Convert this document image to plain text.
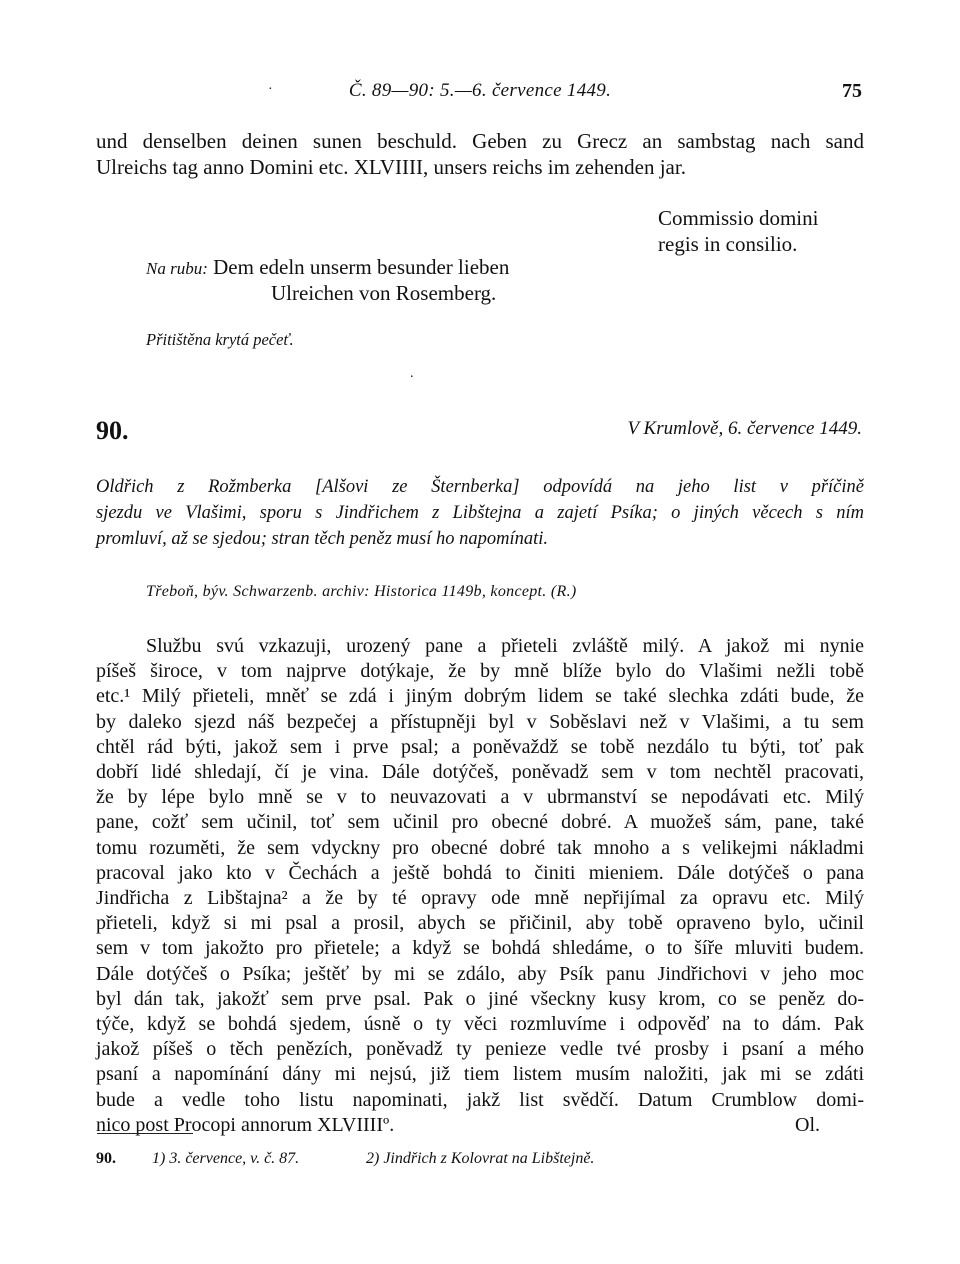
·	Č. 89—90: 5.—6. července 1449.	75
und denselben deinen sunen beschuld. Geben zu Grecz an sambstag nach sand
Ulreichs tag anno Domini etc. XLVIIII, unsers reichs im zehenden jar.
Commissio domini
regis in consilio.
Na rubu: Dem edeln unserm besunder lieben
Ulreichen von Rosemberg.
Přitištěna krytá pečeť.
.
90.	V Krumlově, 6. července 1449.
Oldřich z Rožmberka [Alšovi ze Šternberka] odpovídá na jeho list v příčině
sjezdu ve Vlašimi, sporu s Jindřichem z Libštejna a zajetí Psíka; o jiných věcech s ním
promluví, až se sjedou; stran těch peněz musí ho napomínati.
Třeboň, býv. Schwarzenb. archiv: Historica 1149b, koncept. (R.)
Službu svú vzkazuji, urozený pane a přieteli zvláště milý. A jakož mi nynie
píšeš široce, v tom najprve dotýkaje, že by mně blíže bylo do Vlašimi nežli tobě
etc.¹ Milý přieteli, mněť se zdá i jiným dobrým lidem se také slechka zdáti bude, že
by daleko sjezd náš bezpečej a přístupněji byl v Soběslavi než v Vlašimi, a tu sem
chtěl rád býti, jakož sem i prve psal; a poněvaždž se tobě nezdálo tu býti, toť pak
dobří lidé shledají, čí je vina. Dále dotýčeš, poněvadž sem v tom nechtěl pracovati,
že by lépe bylo mně se v to neuvazovati a v ubrmanství se nepodávati etc. Milý
pane, cožť sem učinil, toť sem učinil pro obecné dobré. A muožeš sám, pane, také
tomu rozuměti, že sem vdyckny pro obecné dobré tak mnoho a s velikejmi nákladmi
pracoval jako kto v Čechách a ještě bohdá to činiti mieniem. Dále dotýčeš o pana
Jindřicha z Libštajna² a že by té opravy ode mně nepřijímal za opravu etc. Milý
přieteli, když si mi psal a prosil, abych se přičinil, aby tobě opraveno bylo, učinil
sem v tom jakožto pro přietele; a když se bohdá shledáme, o to šíře mluviti budem.
Dále dotýčeš o Psíka; ještěť by mi se zdálo, aby Psík panu Jindřichovi v jeho moc
byl dán tak, jakožť sem prve psal. Pak o jiné všeckny kusy krom, co se peněz do-
týče, když se bohdá sjedem, úsně o ty věci rozmluvíme i odpověď na to dám. Pak
jakož píšeš o těch penězích, poněvadž ty penieze vedle tvé prosby i psaní a mého
psaní a napomínání dány mi nejsú, již tiem listem musím naložiti, jak mi se zdáti
bude a vedle toho listu napominati, jakž list svědčí. Datum Crumblow domi-
nico post Procopi annorum XLVIIIIº.	Ol.
90. 1) 3. července, v. č. 87.	2) Jindřich z Kolovrat na Libštejně.
